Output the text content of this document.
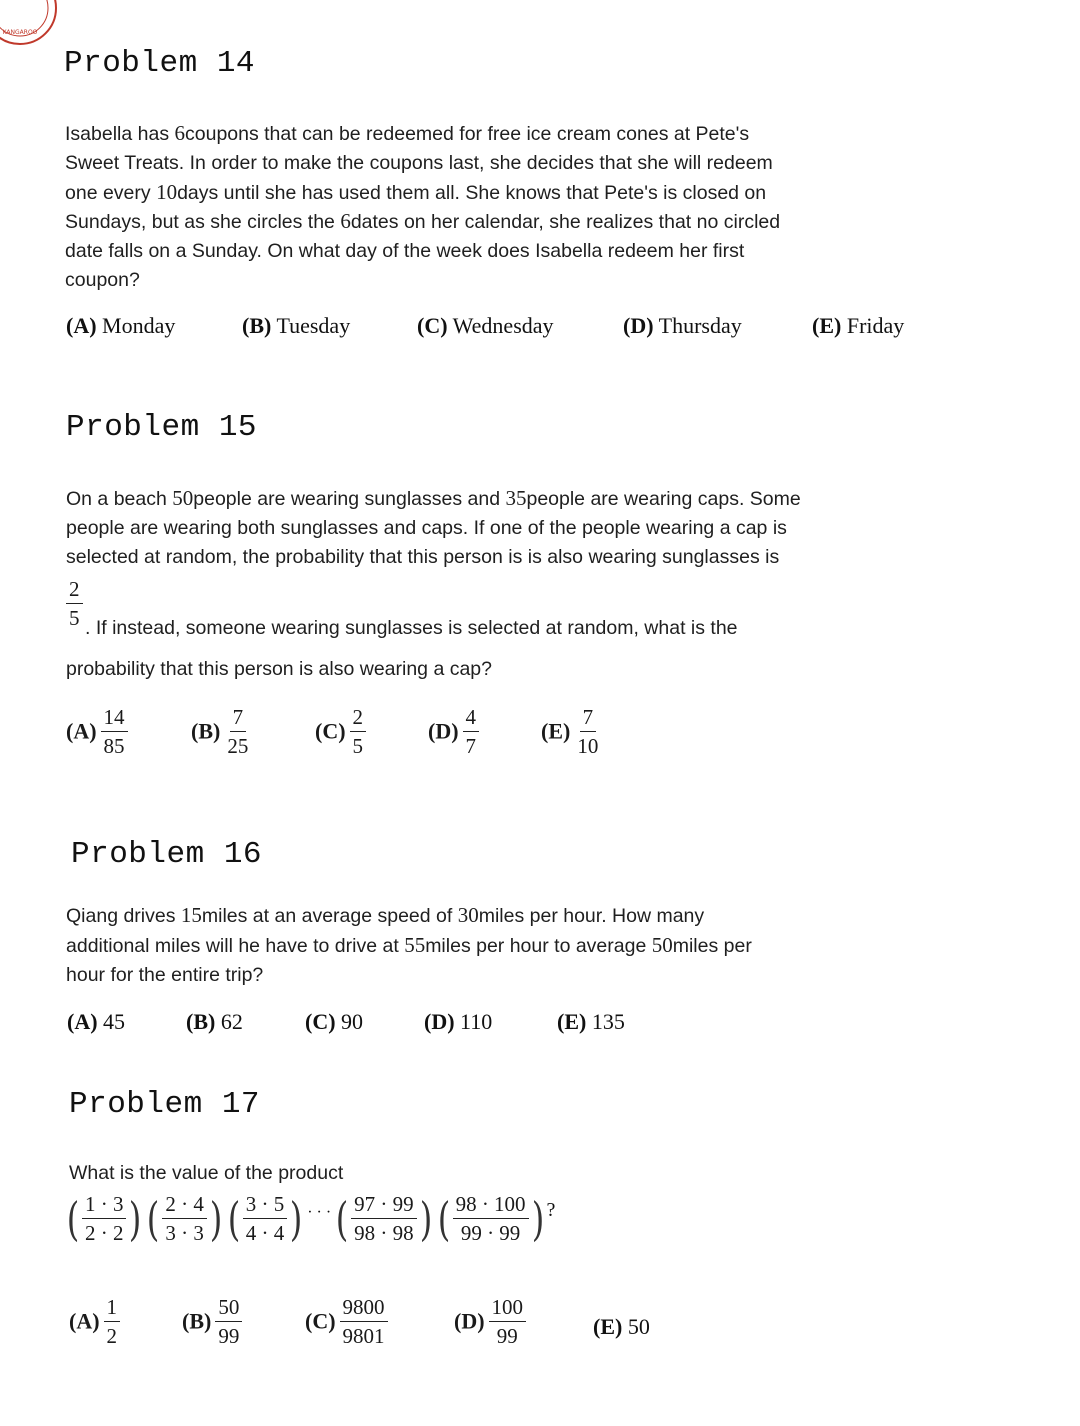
KANGAROO
Problem 14
Isabella has 6coupons that can be redeemed for free ice cream cones at Pete's
Sweet Treats. In order to make the coupons last, she decides that she will redeem
one every 10days until she has used them all. She knows that Pete's is closed on
Sundays, but as she circles the 6dates on her calendar, she realizes that no circled
date falls on a Sunday. On what day of the week does Isabella redeem her first
coupon?
(A) Monday	(B) Tuesday	(C) Wednesday	(D) Thursday	(E) Friday
Problem 15
On a beach 50people are wearing sunglasses and 35people are wearing caps. Some
people are wearing both sunglasses and caps. If one of the people wearing a cap is
selected at random, the probability that this person is is also wearing sunglasses is
$\frac{2}{5}$ . If instead, someone wearing sunglasses is selected at random, what is the
probability that this person is also wearing a cap?
$(A) \frac{14}{85}$	$(B) \frac{7}{25}$	$(C) \frac{2}{5}$	$(D) \frac{4}{7}$	$(E) \frac{7}{10}$
Problem 16
Qiang drives 15miles at an average speed of 30miles per hour. How many
additional miles will he have to drive at 55miles per hour to average 50miles per
hour for the entire trip?
(A) 45	(B) 62	(C) 90	(D) 110	(E) 135
Problem 17
What is the value of the product
( $\frac{1 \cdot 3}{2 \cdot 2}$ ) ( $\frac{2 \cdot 4}{3 \cdot 3}$ ) ( $\frac{3 \cdot 5}{4 \cdot 4}$ ) · · · ( $\frac{97 \cdot 99}{98 \cdot 98}$ ) ( $\frac{98 \cdot 100}{99 \cdot 99}$ ) ?
$(A) \frac{1}{2}$	$(B) \frac{50}{99}$	$(C) \frac{9800}{9801}$	$(D) \frac{100}{99}$	(E) 50
